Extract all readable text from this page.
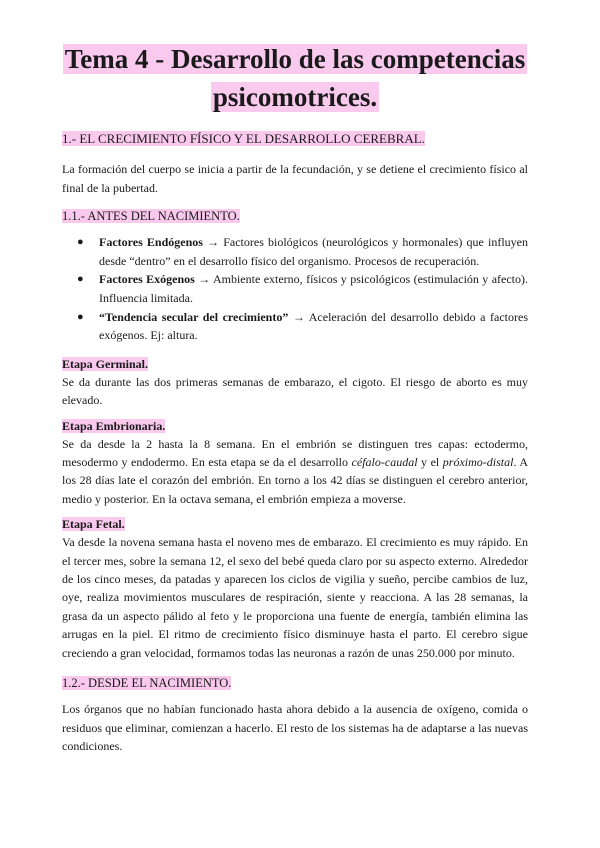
Tema 4 - Desarrollo de las competencias
psicomotrices.
1.- EL CRECIMIENTO FÍSICO Y EL DESARROLLO CEREBRAL.

La formación del cuerpo se inicia a partir de la fecundación, y se detiene el crecimiento físico al final de la pubertad.

1.1.- ANTES DEL NACIMIENTO.
● Factores Endógenos → Factores biológicos (neurológicos y hormonales) que influyen desde “dentro” en el desarrollo físico del organismo. Procesos de recuperación.
● Factores Exógenos → Ambiente externo, físicos y psicológicos (estimulación y afecto). Influencia limitada.
● “Tendencia secular del crecimiento” → Aceleración del desarrollo debido a factores exógenos. Ej: altura.
Etapa Germinal.

Se da durante las dos primeras semanas de embarazo, el cigoto. El riesgo de aborto es muy elevado.

Etapa Embrionaria.

Se da desde la 2 hasta la 8 semana. En el embrión se distinguen tres capas: ectodermo, mesodermo y endodermo. En esta etapa se da el desarrollo céfalo-caudal y el próximo-distal. A los 28 días late el corazón del embrión. En torno a los 42 días se distinguen el cerebro anterior, medio y posterior. En la octava semana, el embrión empieza a moverse.

Etapa Fetal.

Va desde la novena semana hasta el noveno mes de embarazo. El crecimiento es muy rápido. En el tercer mes, sobre la semana 12, el sexo del bebé queda claro por su aspecto externo. Alrededor de los cinco meses, da patadas y aparecen los ciclos de vigilia y sueño, percibe cambios de luz, oye, realiza movimientos musculares de respiración, siente y reacciona. A las 28 semanas, la grasa da un aspecto pálido al feto y le proporciona una fuente de energía, también elimina las arrugas en la piel. El ritmo de crecimiento físico disminuye hasta el parto. El cerebro sigue creciendo a gran velocidad, formamos todas las neuronas a razón de unas 250.000 por minuto.

1.2.- DESDE EL NACIMIENTO.

Los órganos que no habían funcionado hasta ahora debido a la ausencia de oxígeno, comida o residuos que eliminar, comienzan a hacerlo. El resto de los sistemas ha de adaptarse a las nuevas condiciones.
